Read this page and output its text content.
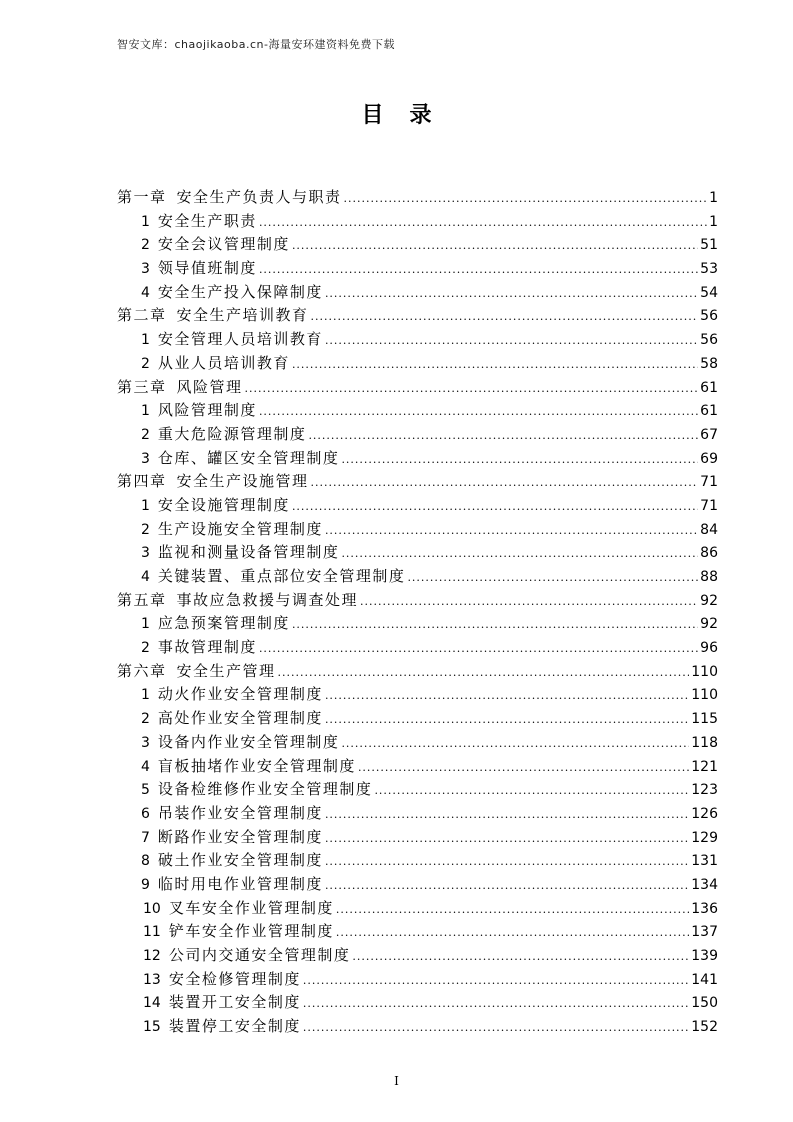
智安文库：chaojikaoba.cn-海量安环建资料免费下载
目录
第一章 安全生产负责人与职责 .....	1
1 安全生产职责 .....	1
2 安全会议管理制度 .....	51
3 领导值班制度 .....	53
4 安全生产投入保障制度 .....	54
第二章 安全生产培训教育 .....	56
1 安全管理人员培训教育 .....	56
2 从业人员培训教育 .....	58
第三章 风险管理 .....	61
1 风险管理制度 .....	61
2 重大危险源管理制度 .....	67
3 仓库、罐区安全管理制度 .....	69
第四章 安全生产设施管理 .....	71
1 安全设施管理制度 .....	71
2 生产设施安全管理制度 .....	84
3 监视和测量设备管理制度 .....	86
4 关键装置、重点部位安全管理制度 .....	88
第五章 事故应急救援与调查处理 .....	92
1 应急预案管理制度 .....	92
2 事故管理制度 .....	96
第六章 安全生产管理 .....	110
1 动火作业安全管理制度 .....	110
2 高处作业安全管理制度 .....	115
3 设备内作业安全管理制度 .....	118
4 盲板抽堵作业安全管理制度 .....	121
5 设备检维修作业安全管理制度 .....	123
6 吊装作业安全管理制度 .....	126
7 断路作业安全管理制度 .....	129
8 破土作业安全管理制度 .....	131
9 临时用电作业管理制度 .....	134
10 叉车安全作业管理制度 .....	136
11 铲车安全作业管理制度 .....	137
12 公司内交通安全管理制度 .....	139
13 安全检修管理制度 .....	141
14 装置开工安全制度 .....	150
15 装置停工安全制度 .....	152
I
